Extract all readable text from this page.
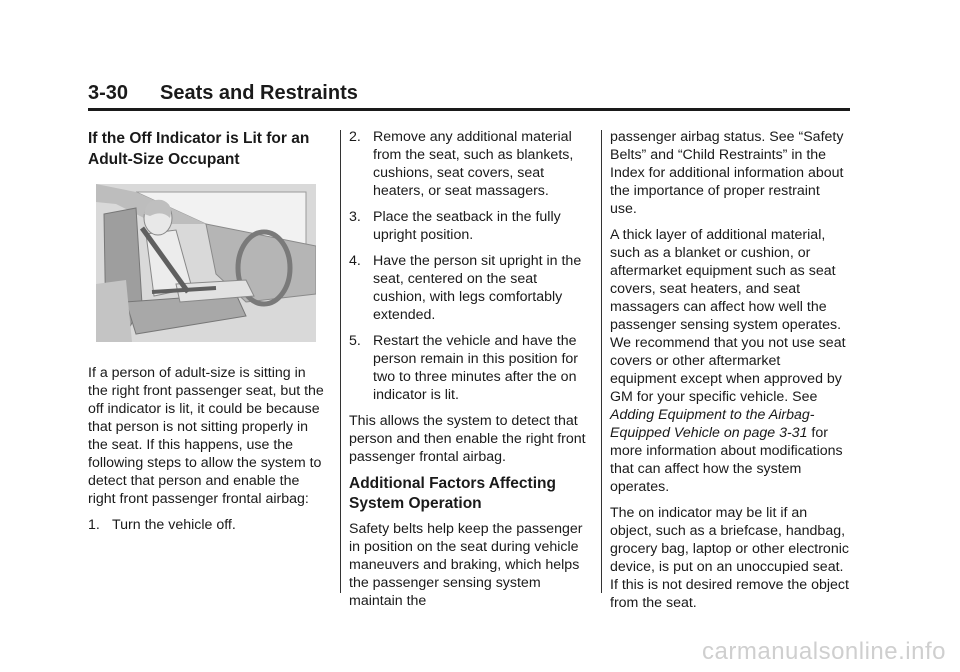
3-30 Seats and Restraints
If the Off Indicator is Lit for an Adult-Size Occupant

If a person of adult-size is sitting in the right front passenger seat, but the off indicator is lit, it could be because that person is not sitting properly in the seat. If this happens, use the following steps to allow the system to detect that person and enable the right front passenger frontal airbag:

1. Turn the vehicle off.
2. Remove any additional material from the seat, such as blankets, cushions, seat covers, seat heaters, or seat massagers.
3. Place the seatback in the fully upright position.
4. Have the person sit upright in the seat, centered on the seat cushion, with legs comfortably extended.
5. Restart the vehicle and have the person remain in this position for two to three minutes after the on indicator is lit.

This allows the system to detect that person and then enable the right front passenger frontal airbag.

Additional Factors Affecting System Operation

Safety belts help keep the passenger in position on the seat during vehicle maneuvers and braking, which helps the passenger sensing system maintain the

passenger airbag status. See “Safety Belts” and “Child Restraints” in the Index for additional information about the importance of proper restraint use.

A thick layer of additional material, such as a blanket or cushion, or aftermarket equipment such as seat covers, seat heaters, and seat massagers can affect how well the passenger sensing system operates. We recommend that you not use seat covers or other aftermarket equipment except when approved by GM for your specific vehicle. See Adding Equipment to the Airbag-Equipped Vehicle on page 3-31 for more information about modifications that can affect how the system operates.

The on indicator may be lit if an object, such as a briefcase, handbag, grocery bag, laptop or other electronic device, is put on an unoccupied seat. If this is not desired remove the object from the seat.

carmanualsonline.info
